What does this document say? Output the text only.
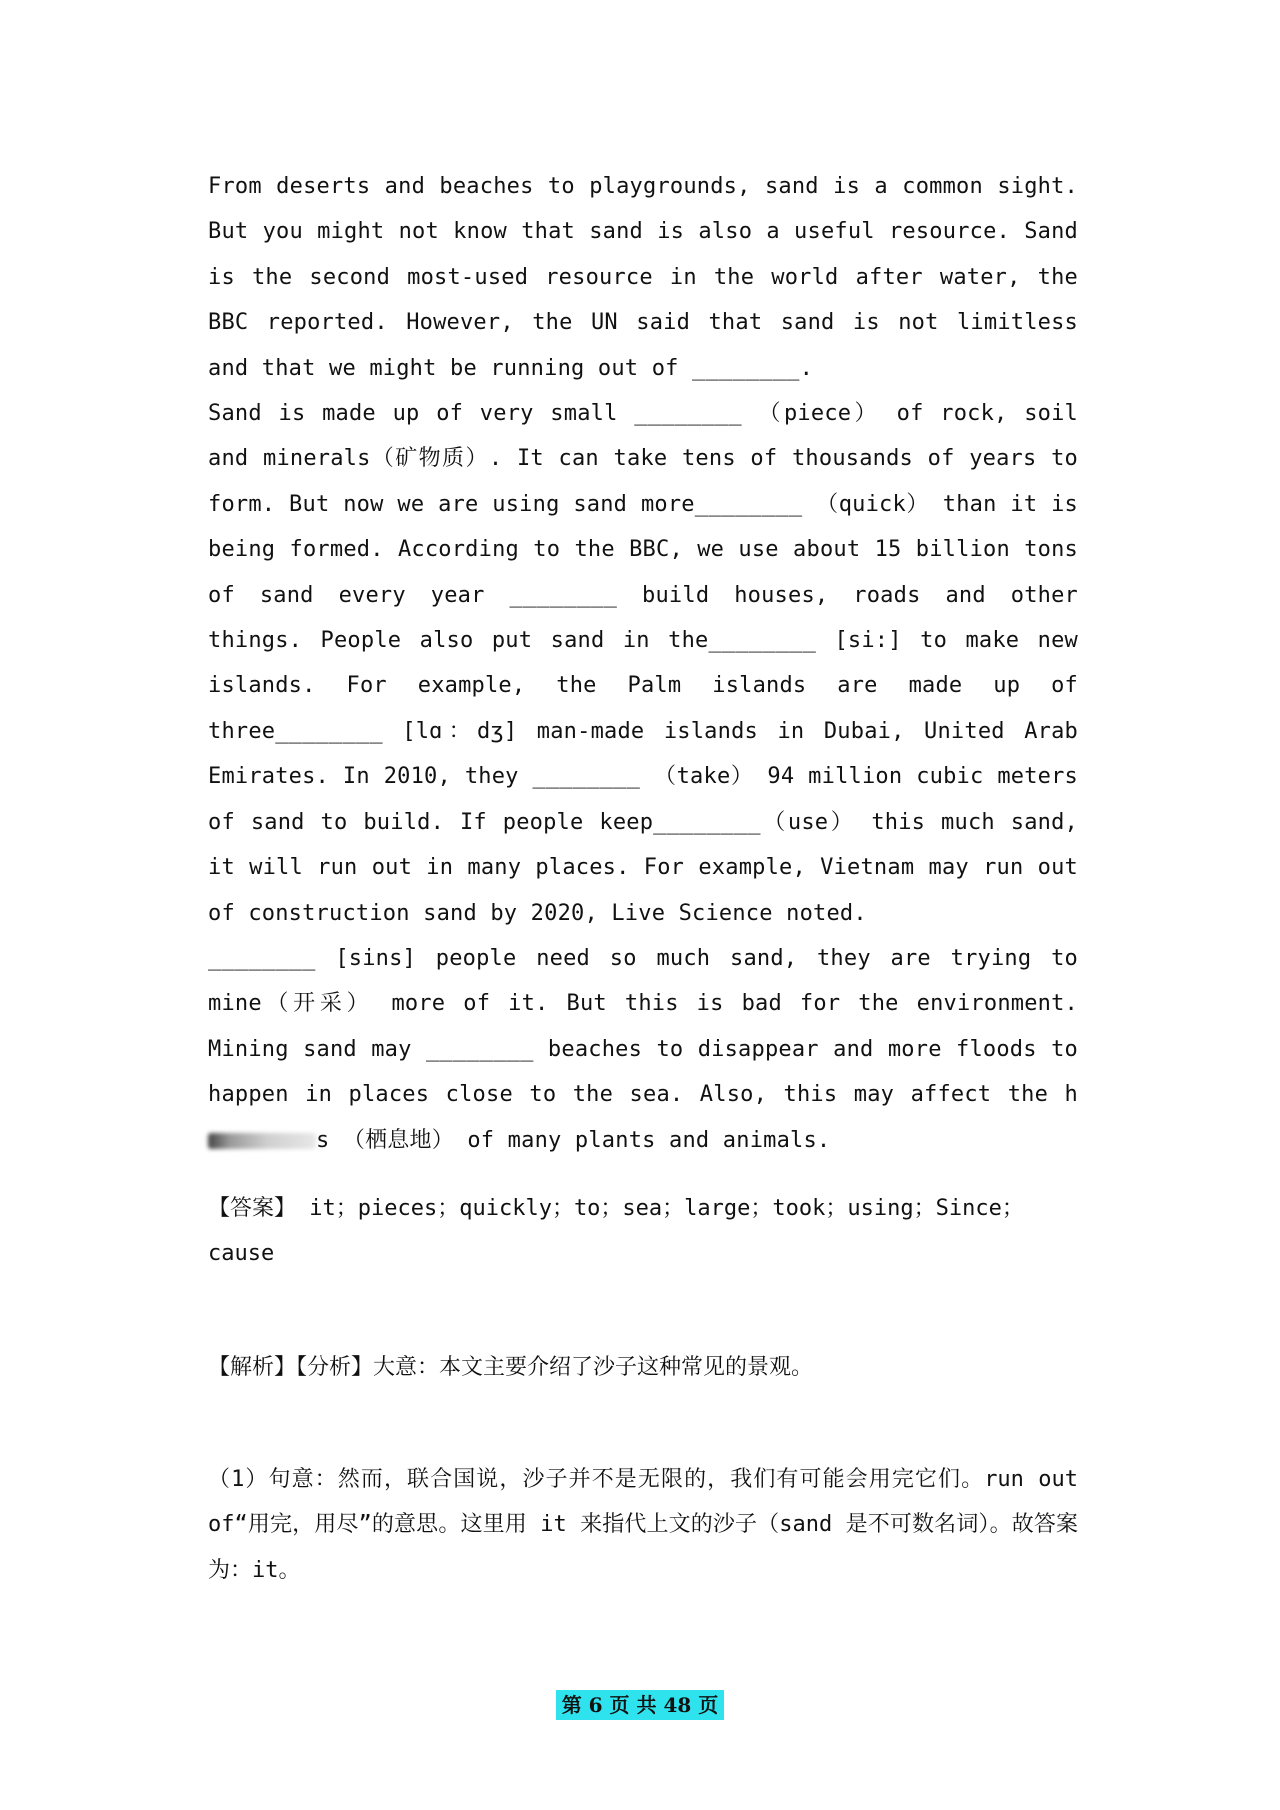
From deserts and beaches to playgrounds, sand is a common sight. But you might not know that sand is also a useful resource. Sand is the second most-used resource in the world after water, the BBC reported. However, the UN said that sand is not limitless and that we might be running out of ________.

Sand is made up of very small ________ （piece） of rock, soil and minerals（矿物质）. It can take tens of thousands of years to form. But now we are using sand more________ （quick） than it is being formed. According to the BBC, we use about 15 billion tons of sand every year ________ build houses, roads and other things. People also put sand in the________ [si:] to make new islands. For example, the Palm islands are made up of three________ [lɑ：dʒ] man-made islands in Dubai, United Arab Emirates. In 2010, they ________ （take） 94 million cubic meters of sand to build. If people keep________（use） this much sand, it will run out in many places. For example, Vietnam may run out of construction sand by 2020, Live Science noted.

________ [sins] people need so much sand, they are trying to mine（开采） more of it. But this is bad for the environment. Mining sand may ________ beaches to disappear and more floods to happen in places close to the sea. Also, this may affect the hs （栖息地） of many plants and animals.

【答案】 it；pieces；quickly；to；sea；large；took；using；Since；cause
【解析】【分析】大意：本文主要介绍了沙子这种常见的景观。
（1）句意：然而，联合国说，沙子并不是无限的，我们有可能会用完它们。run out of“用完，用尽”的意思。这里用 it 来指代上文的沙子（sand 是不可数名词）。故答案为：it。
第 6 页 共 48 页
